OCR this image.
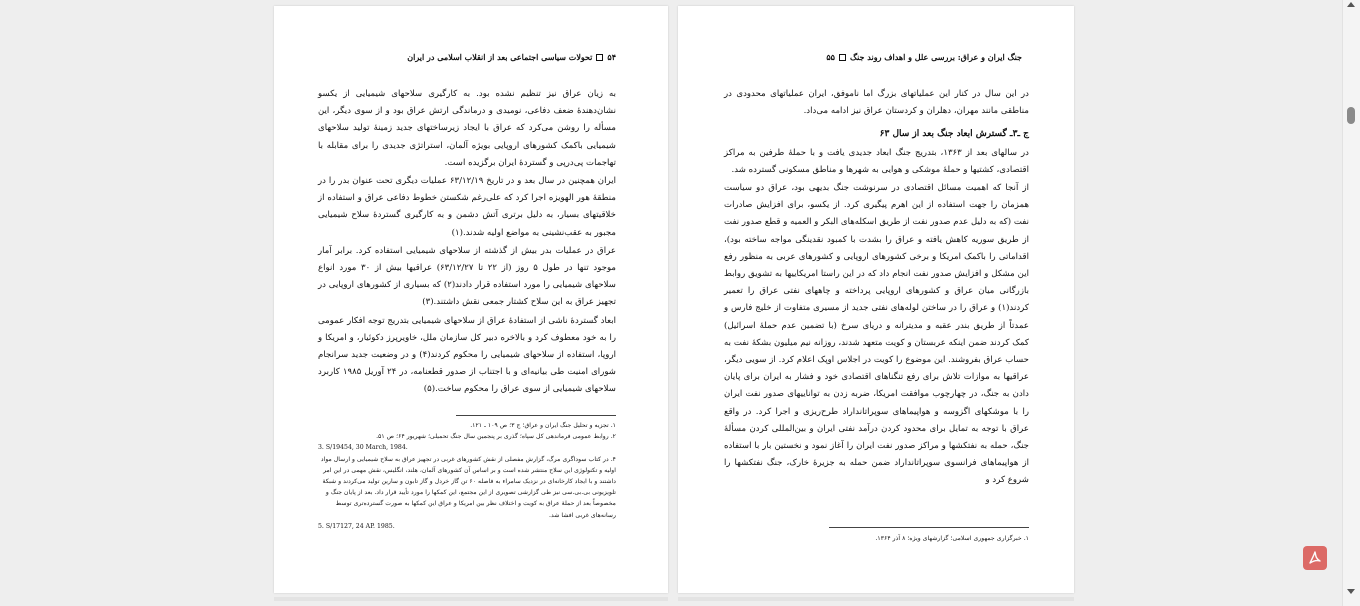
۵۴
تحولات سیاسی اجتماعی بعد از انقلاب اسلامی در ایران

به زیان عراق نیز تنظیم نشده بود. به کارگیری سلاحهای شیمیایی از یکسو نشان‌دهندهٔ ضعف دفاعی، نومیدی و درماندگی ارتش عراق بود و از سوی دیگر، این مسأله را روشن می‌کرد که عراق با ایجاد زیرساختهای جدید زمینهٔ تولید سلاحهای شیمیایی باکمک کشورهای اروپایی بویژه آلمان، استراتژی جدیدی را برای مقابله با تهاجمات پی‌درپی و گستردهٔ ایران برگزیده است.

ایران همچنین در سال بعد و در تاریخ ۶۳/۱۲/۱۹ عملیات دیگری تحت عنوان بدر را در منطقهٔ هور الهویزه اجرا کرد که علی‌رغم شکستن خطوط دفاعی عراق و استفاده از خلاقیتهای بسیار، به دلیل برتری آتش دشمن و به کارگیری گستردهٔ سلاح شیمیایی مجبور به عقب‌نشینی به مواضع اولیه شدند.(۱)

عراق در عملیات بدر بیش از گذشته از سلاحهای شیمیایی استفاده کرد. برابر آمار موجود تنها در طول ۵ روز (از ۲۲ تا ۶۳/۱۲/۲۷) عراقیها بیش از ۳۰ مورد انواع سلاحهای شیمیایی را مورد استفاده قرار دادند(۲) که بسیاری از کشورهای اروپایی در تجهیز عراق به این سلاح کشتار جمعی نقش داشتند.(۳)

ابعاد گستردهٔ ناشی از استفادهٔ عراق از سلاحهای شیمیایی بتدریج توجه افکار عمومی را به خود معطوف کرد و بالاخره دبیر کل سازمان ملل، خاویرپرز دکوئیار، و امریکا و اروپا، استفاده از سلاحهای شیمیایی را محکوم کردند(۴) و در وضعیت جدید سرانجام شورای امنیت طی بیانیه‌ای و با اجتناب از صدور قطعنامه، در ۲۴ آوریل ۱۹۸۵ کاربرد سلاحهای شیمیایی از سوی عراق را محکوم ساخت.(۵)

۱. تجزیه و تحلیل جنگ ایران و عراق؛ ج ۳؛ ص ۱۰۹ ـ ۱۲۱.

۲. روابط عمومی فرماندهی کل سپاه؛ گذری بر پنجمین سال جنگ تحمیلی؛ شهریور ۶۴؛ ص ۵۱.

3. S/19454, 30 March, 1984.

۴. در کتاب سوداگری مرگ، گزارش مفصلی از نقش کشورهای غربی در تجهیز عراق به سلاح شیمیایی و ارسال مواد اولیه و تکنولوژی این سلاح منتشر شده است و بر اساس آن کشورهای آلمان، هلند، انگلیس، نقش مهمی در این امر داشتند و با ایجاد کارخانه‌ای در نزدیک سامراء به فاصله ۶۰ تن گاز خردل و گاز تابون و سارین تولید می‌کردند و شبکهٔ تلویزیونی بی.بی.سی نیز طی گزارشی تصویری از این مجتمع، این کمکها را مورد تأیید قرار داد. بعد از پایان جنگ و مخصوصاً بعد از حملهٔ عراق به کویت و اختلاف نظر بین امریکا و عراق این کمکها به صورت گسترده‌تری توسط رسانه‌های غربی افشا شد.

5. S/17127, 24 AP. 1985.

جنگ ایران و عراق: بررسی علل و اهداف روند جنگ
۵۵

در این سال در کنار این عملیاتهای بزرگ اما ناموفق، ایران عملیاتهای محدودی در مناطقی مانند مهران، دهلران و کردستان عراق نیز ادامه می‌داد.

ج ـ۳ـ گسترش ابعاد جنگ بعد از سال ۶۳

در سالهای بعد از ۱۳۶۳، بتدریج جنگ ابعاد جدیدی یافت و با حملهٔ طرفین به مراکز اقتصادی، کشتیها و حملهٔ موشکی و هوایی به شهرها و مناطق مسکونی گسترده شد.

از آنجا که اهمیت مسائل اقتصادی در سرنوشت جنگ بدیهی بود، عراق دو سیاست همزمان را جهت استفاده از این اهرم پیگیری کرد. از یکسو، برای افزایش صادرات نفت (که به دلیل عدم صدور نفت از طریق اسکله‌های البکر و العمیه و قطع صدور نفت از طریق سوریه کاهش یافته و عراق را بشدت با کمبود نقدینگی مواجه ساخته بود)، اقداماتی را باکمک امریکا و برخی کشورهای اروپایی و کشورهای عربی به منظور رفع این مشکل و افزایش صدور نفت انجام داد که در این راستا امریکاییها به تشویق روابط بازرگانی میان عراق و کشورهای اروپایی پرداخته و چاههای نفتی عراق را تعمیر کردند(۱) و عراق را در ساختن لوله‌های نفتی جدید از مسیری متفاوت از خلیج فارس و عمدتاً از طریق بندر عقبه و مدیترانه و دریای سرخ (با تضمین عدم حملهٔ اسرائیل) کمک کردند ضمن اینکه عربستان و کویت متعهد شدند، روزانه نیم میلیون بشکهٔ نفت به حساب عراق بفروشند. این موضوع را کویت در اجلاس اوپک اعلام کرد. از سویی دیگر، عراقیها به موازات تلاش برای رفع تنگناهای اقتصادی خود و فشار به ایران برای پایان دادن به جنگ، در چهارچوب موافقت امریکا، ضربه زدن به تواناییهای صدور نفت ایران را با موشکهای اگزوسه و هواپیماهای سوپراتانداراد طرح‌ریزی و اجرا کرد. در واقع عراق با توجه به تمایل برای محدود کردن درآمد نفتی ایران و بین‌المللی کردن مسألهٔ جنگ، حمله به نفتکشها و مراکز صدور نفت ایران را آغاز نمود و نخستین بار با استفاده از هواپیماهای فرانسوی سوپراتانداراد ضمن حمله به جزیرهٔ خارک، جنگ نفتکشها را شروع کرد و

۱. خبرگزاری جمهوری اسلامی؛ گزارشهای ویژه؛ ۸ آذر ۱۳۶۴.
